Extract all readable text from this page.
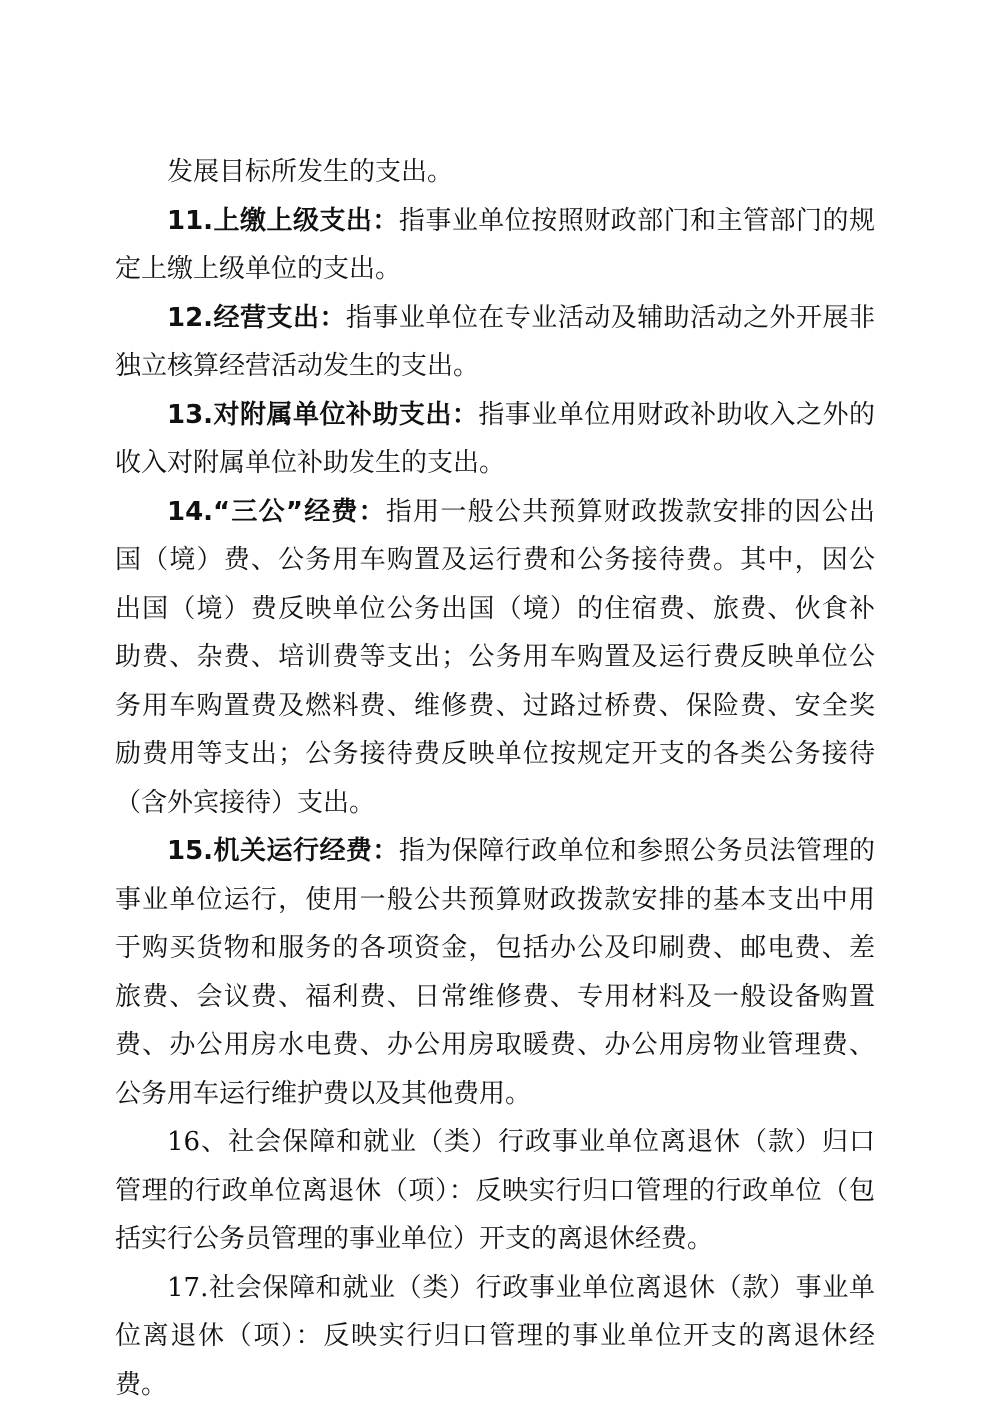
发展目标所发生的支出。
11.上缴上级支出：指事业单位按照财政部门和主管部门的规
定上缴上级单位的支出。
12.经营支出：指事业单位在专业活动及辅助活动之外开展非
独立核算经营活动发生的支出。
13.对附属单位补助支出：指事业单位用财政补助收入之外的
收入对附属单位补助发生的支出。
14.“三公”经费：指用一般公共预算财政拨款安排的因公出
国（境）费、公务用车购置及运行费和公务接待费。其中，因公
出国（境）费反映单位公务出国（境）的住宿费、旅费、伙食补
助费、杂费、培训费等支出；公务用车购置及运行费反映单位公
务用车购置费及燃料费、维修费、过路过桥费、保险费、安全奖
励费用等支出；公务接待费反映单位按规定开支的各类公务接待
（含外宾接待）支出。
15.机关运行经费：指为保障行政单位和参照公务员法管理的
事业单位运行，使用一般公共预算财政拨款安排的基本支出中用
于购买货物和服务的各项资金，包括办公及印刷费、邮电费、差
旅费、会议费、福利费、日常维修费、专用材料及一般设备购置
费、办公用房水电费、办公用房取暖费、办公用房物业管理费、
公务用车运行维护费以及其他费用。
16、社会保障和就业（类）行政事业单位离退休（款）归口
管理的行政单位离退休（项）：反映实行归口管理的行政单位（包
括实行公务员管理的事业单位）开支的离退休经费。
17.社会保障和就业（类）行政事业单位离退休（款）事业单
位离退休（项）：反映实行归口管理的事业单位开支的离退休经
费。
